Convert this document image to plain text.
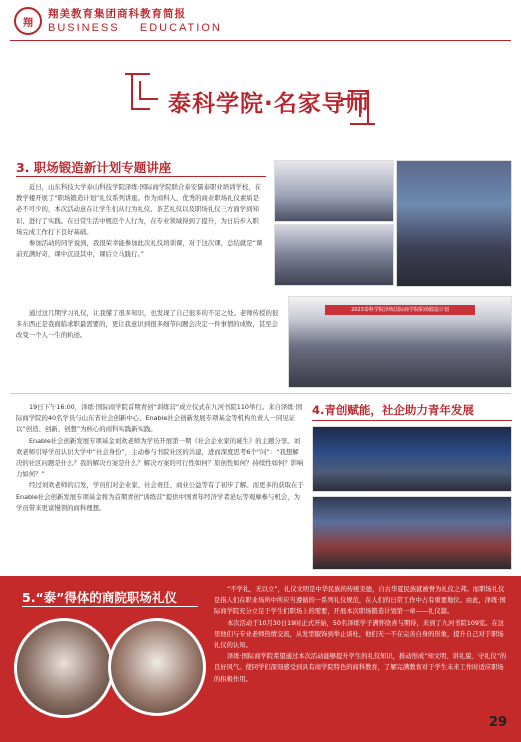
翔
翔美教育集团商科教育简报
BUSINESS    EDUCATION
泰科学院·名家导师
3. 职场锻造新计划专题讲座

近日，山东科技大学泰山科技学院泽练·国际商学院联合泰安儒泰职业培训学校，在教学楼开展了“职场锻造计划”礼仪系列讲座。作为商科人，优秀的商业职场礼仪素质是必不可少的，本次活动意在让学生们从行为礼仪、茶艺礼仪以及职场礼仪三方面学到知识、进行了实践。在日常生活中规范个人行为，在专业领域得到了提升，为日后步入职场完成工作打下良好基础。

参加活动的同学说到，我很荣幸能参加此次礼仪培训课，对于这次课，总结就是“课前充满好奇，课中沉浸其中，课后立马践行。”

通过这几期学习礼仪，让我懂了很多知识，也发现了自己很多的不足之处。老师传授的很多东西正是我面临求职最需要的，更让我意识到很多细节问题会决定一件事情的成败，甚至会改变一个人一生的轨迹。

2023泰科学院泽练国际商学院职场锻造计划

19日下午16:00，泽练·国际商学院首期青创“训练营”成立仪式在九河书院110举行。来自泽练·国际商学院的40名学员与山东省社会创新中心、Enable社会创新发展专项基金等机构负责人一同见证以“创造、创新、创想”为核心的商科实践新实践。

Enable社会创新发展专项基金刘欢老师为学员开展第一期《社会企业家的诞生》的主题分享。刘欢老师引导学员认识大学中“社会身份”，主动参与书院社区的共建，进而深度思考6个“问”：“我想解决的社区问题是什么？我的解决方案是什么？解决方案的可行性如何？原创性如何？持续性如何？影响力如何？”

经过刘欢老师的启发，学员们对企业家、社会责任、商业公益等有了初步了解。而更多的获取在于Enable社会创新发展专项基金将为首期青创“训练营”提供中国青年经济学者论坛等观摩参与机会，为学员带来更富慢领的商科理想。

4.青创赋能，社企助力青年发展
5.“泰”得体的商院职场礼仪

“不学礼，无以立”，礼仪文明是中华民族的传统美德，自古华夏民族就被誉为礼仪之邦。而职场礼仪是指人们在职业场所中所应当遵循的一系列礼仪规范，在人们的日常工作中占有重要地位。由此，泽练·国际商学院充分立足于学生们职场上的需要，开展本次职场锻造计划第一章——礼仪篇。

本次活动于10月30日19时正式开始，50名泽练学子满怀欣喜与期待，来到了九河书院109室。在这里他们与专业老师热情交流，从发型服饰到举止谈吐，他们无一不在完善自身的形象，提升自己对于职场礼仪的认知。

泽练·国际商学院希望通过本次活动能够提升学生的礼仪知识，推动形成“知文明、讲礼貌、守礼仪”的良好风气。使同学们深刻感受到具有商学院特色的商科教育，了解完满教育对于学生未来工作时适应职场的积极作用。

29
